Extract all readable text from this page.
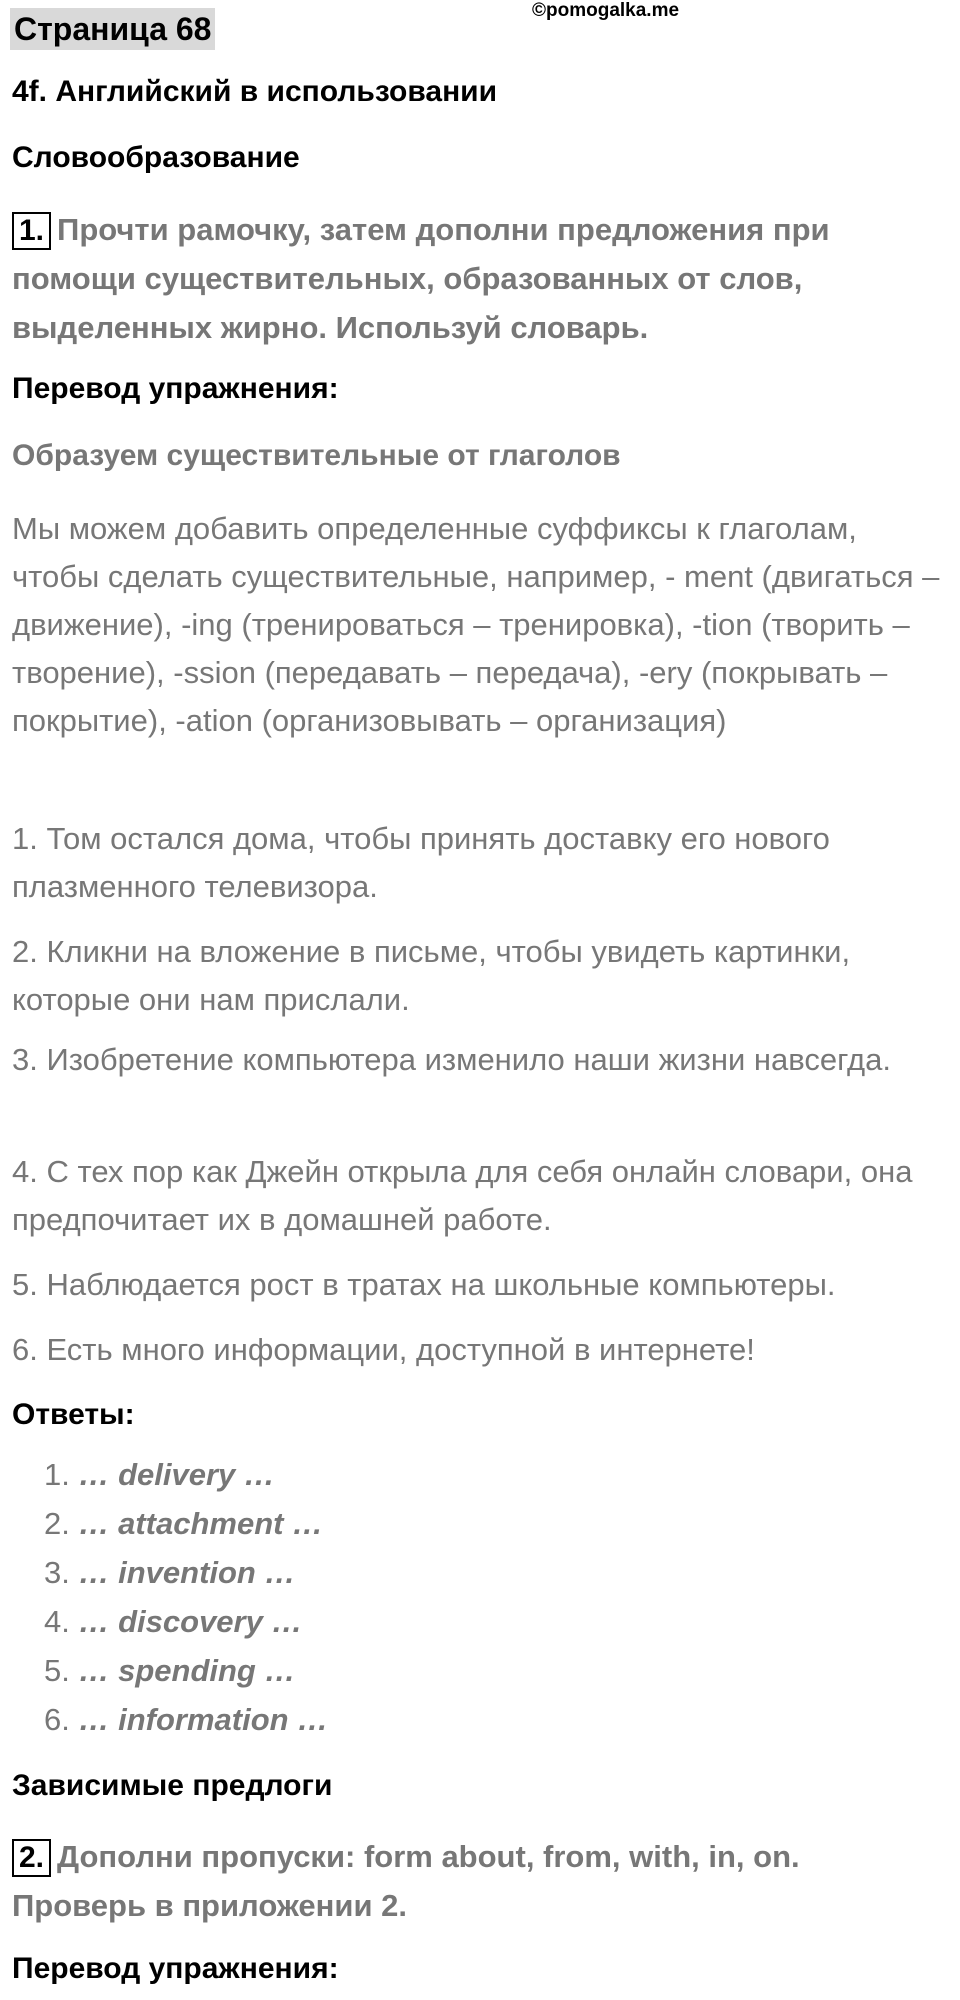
Страница 68
©pomogalka.me
4f. Английский в использовании
Словообразование
1. Прочти рамочку, затем дополни предложения при помощи существительных, образованных от слов, выделенных жирно. Используй словарь.
Перевод упражнения:
Образуем существительные от глаголов
Мы можем добавить определенные суффиксы к глаголам, чтобы сделать существительные, например, - ment (двигаться – движение), -ing (тренироваться – тренировка), -tion (творить – творение), -ssion (передавать – передача), -ery (покрывать – покрытие), -ation (организовывать – организация)
1. Том остался дома, чтобы принять доставку его нового плазменного телевизора.
2. Кликни на вложение в письме, чтобы увидеть картинки, которые они нам прислали.
3. Изобретение компьютера изменило наши жизни навсегда.
4. С тех пор как Джейн открыла для себя онлайн словари, она предпочитает их в домашней работе.
5. Наблюдается рост в тратах на школьные компьютеры.
6. Есть много информации, доступной в интернете!
Ответы:
1. … delivery …
2. … attachment …
3. … invention …
4. … discovery …
5. … spending …
6. … information …
Зависимые предлоги
2. Дополни пропуски: form about, from, with, in, on. Проверь в приложении 2.
Перевод упражнения:
